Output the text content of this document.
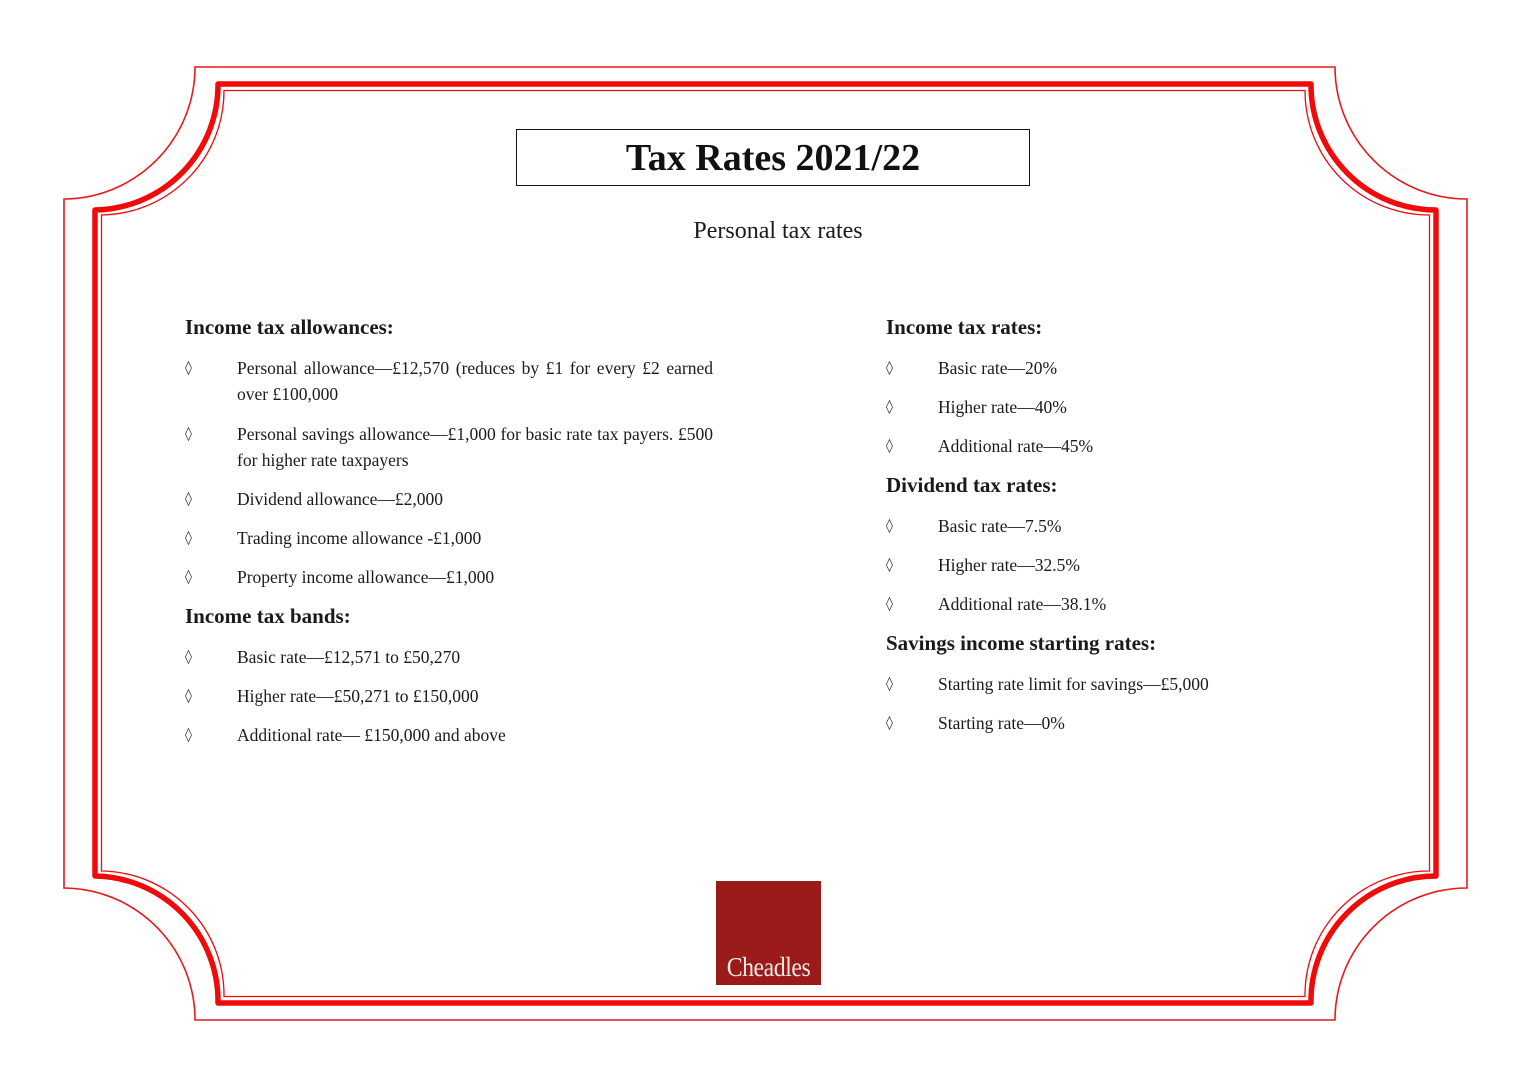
Tax Rates 2021/22
Personal tax rates
Income tax allowances:
◊	Personal allowance—£12,570 (reduces by £1 for every £2 earned over £100,000
◊	Personal savings allowance—£1,000 for basic rate tax payers. £500 for higher rate taxpayers
◊	Dividend allowance—£2,000
◊	Trading income allowance -£1,000
◊	Property income allowance—£1,000
Income tax bands:
◊	Basic rate—£12,571 to £50,270
◊	Higher rate—£50,271 to £150,000
◊	Additional rate— £150,000 and above
Income tax rates:
◊	Basic rate—20%
◊	Higher rate—40%
◊	Additional rate—45%
Dividend tax rates:
◊	Basic rate—7.5%
◊	Higher rate—32.5%
◊	Additional rate—38.1%
Savings income starting rates:
◊	Starting rate limit for savings—£5,000
◊	Starting rate—0%
Cheadles
